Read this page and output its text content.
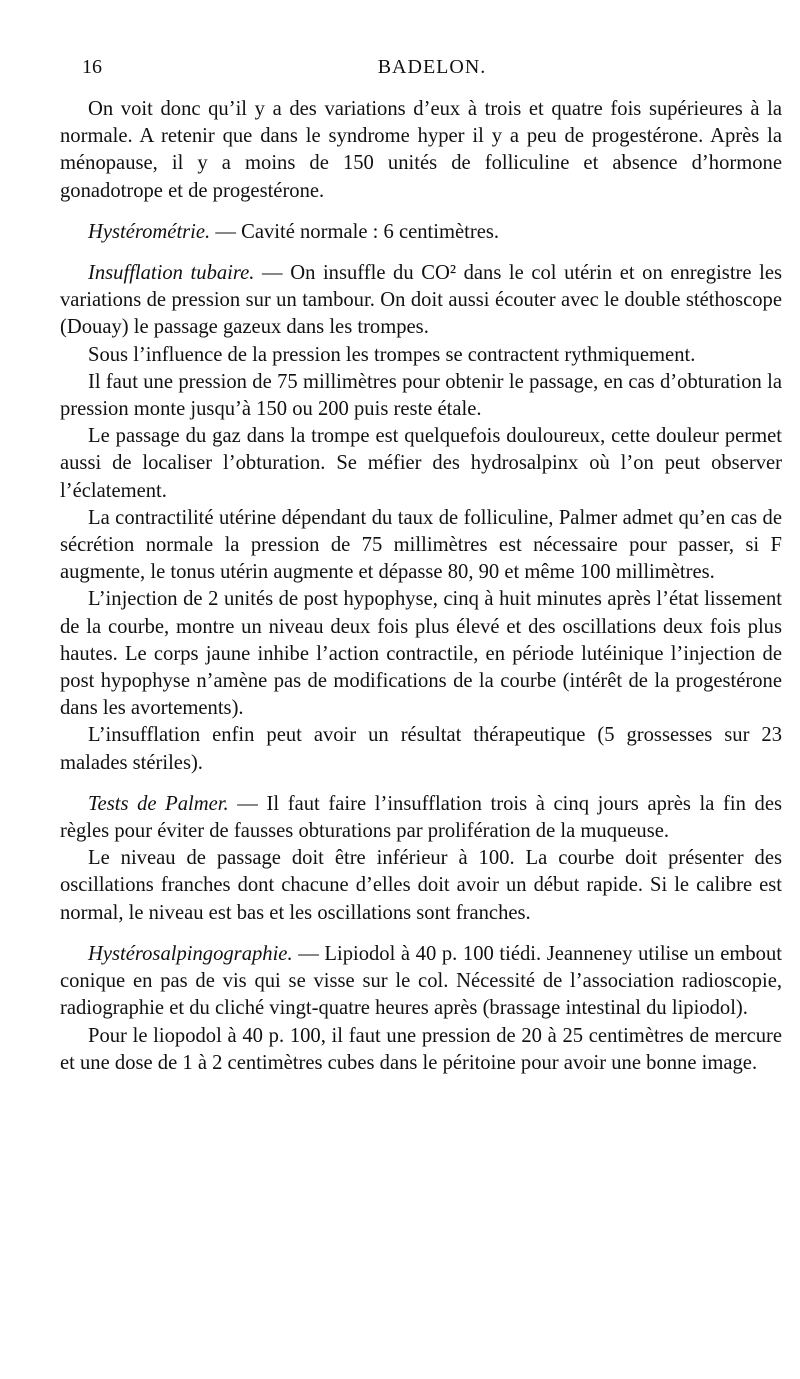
16	BADELON.

On voit donc qu’il y a des variations d’eux à trois et quatre fois supérieures à la normale. A retenir que dans le syndrome hyper il y a peu de progestérone. Après la ménopause, il y a moins de 150 unités de folliculine et absence d’hormone gonadotrope et de progestérone.

Hystérométrie. — Cavité normale : 6 centimètres.

Insufflation tubaire. — On insuffle du CO² dans le col utérin et on enregistre les variations de pression sur un tambour. On doit aussi écouter avec le double stéthoscope (Douay) le passage gazeux dans les trompes.

Sous l’influence de la pression les trompes se contractent rythmiquement.

Il faut une pression de 75 millimètres pour obtenir le passage, en cas d’obturation la pression monte jusqu’à 150 ou 200 puis reste étale.

Le passage du gaz dans la trompe est quelquefois douloureux, cette douleur permet aussi de localiser l’obturation. Se méfier des hydrosalpinx où l’on peut observer l’éclatement.

La contractilité utérine dépendant du taux de folliculine, Palmer admet qu’en cas de sécrétion normale la pression de 75 millimètres est nécessaire pour passer, si F augmente, le tonus utérin augmente et dépasse 80, 90 et même 100 millimètres.

L’injection de 2 unités de post hypophyse, cinq à huit minutes après l’état lissement de la courbe, montre un niveau deux fois plus élevé et des oscillations deux fois plus hautes. Le corps jaune inhibe l’action contractile, en période lutéinique l’injection de post hypophyse n’amène pas de modifications de la courbe (intérêt de la progestérone dans les avortements).

L’insufflation enfin peut avoir un résultat thérapeutique (5 grossesses sur 23 malades stériles).

Tests de Palmer. — Il faut faire l’insufflation trois à cinq jours après la fin des règles pour éviter de fausses obturations par prolifération de la muqueuse.

Le niveau de passage doit être inférieur à 100. La courbe doit présenter des oscillations franches dont chacune d’elles doit avoir un début rapide. Si le calibre est normal, le niveau est bas et les oscillations sont franches.

Hystérosalpingographie. — Lipiodol à 40 p. 100 tiédi. Jeanneney utilise un embout conique en pas de vis qui se visse sur le col. Nécessité de l’association radioscopie, radiographie et du cliché vingt-quatre heures après (brassage intestinal du lipiodol).

Pour le liopodol à 40 p. 100, il faut une pression de 20 à 25 centimètres de mercure et une dose de 1 à 2 centimètres cubes dans le péritoine pour avoir une bonne image.
